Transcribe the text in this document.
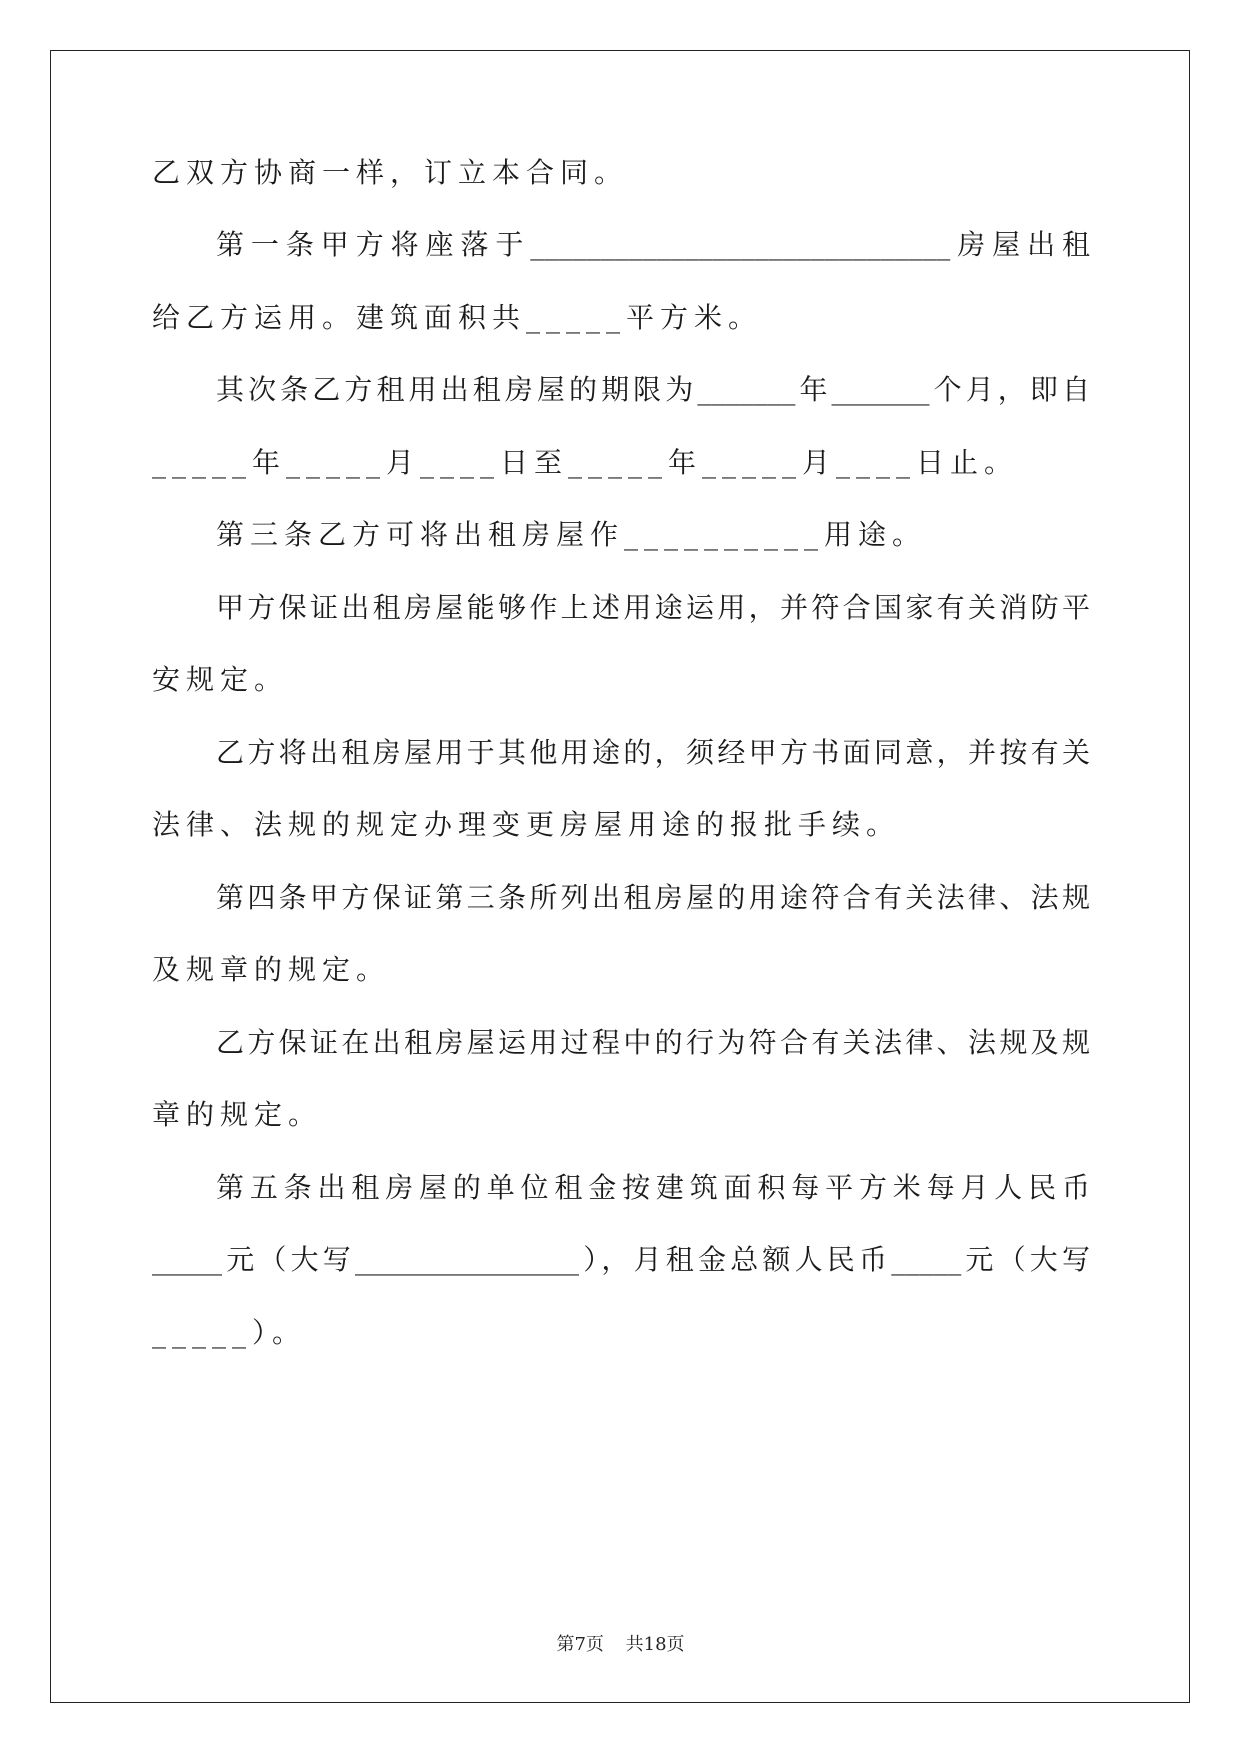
乙双方协商一样，订立本合同。
第一条甲方将座落于______________________________房屋出租
给乙方运用。建筑面积共_____平方米。
其次条乙方租用出租房屋的期限为_______年_______个月，即自
_____年_____月____日至_____年_____月____日止。
第三条乙方可将出租房屋作__________用途。
甲方保证出租房屋能够作上述用途运用，并符合国家有关消防平
安规定。
乙方将出租房屋用于其他用途的，须经甲方书面同意，并按有关
法律、法规的规定办理变更房屋用途的报批手续。
第四条甲方保证第三条所列出租房屋的用途符合有关法律、法规
及规章的规定。
乙方保证在出租房屋运用过程中的行为符合有关法律、法规及规
章的规定。
第五条出租房屋的单位租金按建筑面积每平方米每月人民币
_____元（大写________________），月租金总额人民币_____元（大写
_____）。
第7页 共18页
